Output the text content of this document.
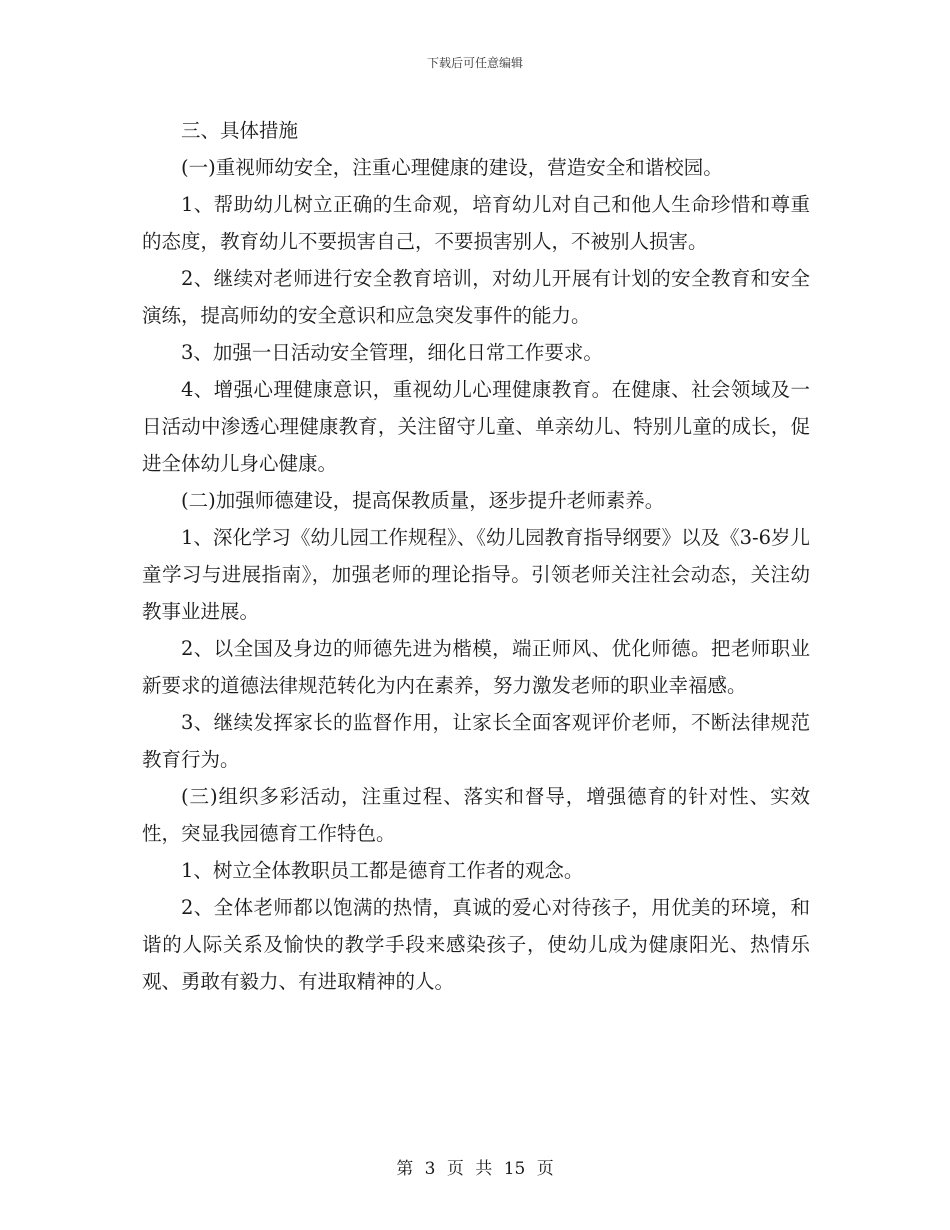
下载后可任意编辑

三、具体措施

(一)重视师幼安全，注重心理健康的建设，营造安全和谐校园。

1、帮助幼儿树立正确的生命观，培育幼儿对自己和他人生命珍惜和尊重的态度，教育幼儿不要损害自己，不要损害别人，不被别人损害。

2、继续对老师进行安全教育培训，对幼儿开展有计划的安全教育和安全演练，提高师幼的安全意识和应急突发事件的能力。

3、加强一日活动安全管理，细化日常工作要求。

4、增强心理健康意识，重视幼儿心理健康教育。在健康、社会领域及一日活动中渗透心理健康教育，关注留守儿童、单亲幼儿、特别儿童的成长，促进全体幼儿身心健康。

(二)加强师德建设，提高保教质量，逐步提升老师素养。

1、深化学习《幼儿园工作规程》、《幼儿园教育指导纲要》以及《3-6岁儿童学习与进展指南》，加强老师的理论指导。引领老师关注社会动态，关注幼教事业进展。

2、以全国及身边的师德先进为楷模，端正师风、优化师德。把老师职业新要求的道德法律规范转化为内在素养，努力激发老师的职业幸福感。

3、继续发挥家长的监督作用，让家长全面客观评价老师，不断法律规范教育行为。

(三)组织多彩活动，注重过程、落实和督导，增强德育的针对性、实效性，突显我园德育工作特色。

1、树立全体教职员工都是德育工作者的观念。

2、全体老师都以饱满的热情，真诚的爱心对待孩子，用优美的环境，和谐的人际关系及愉快的教学手段来感染孩子，使幼儿成为健康阳光、热情乐观、勇敢有毅力、有进取精神的人。

第 3 页 共 15 页
